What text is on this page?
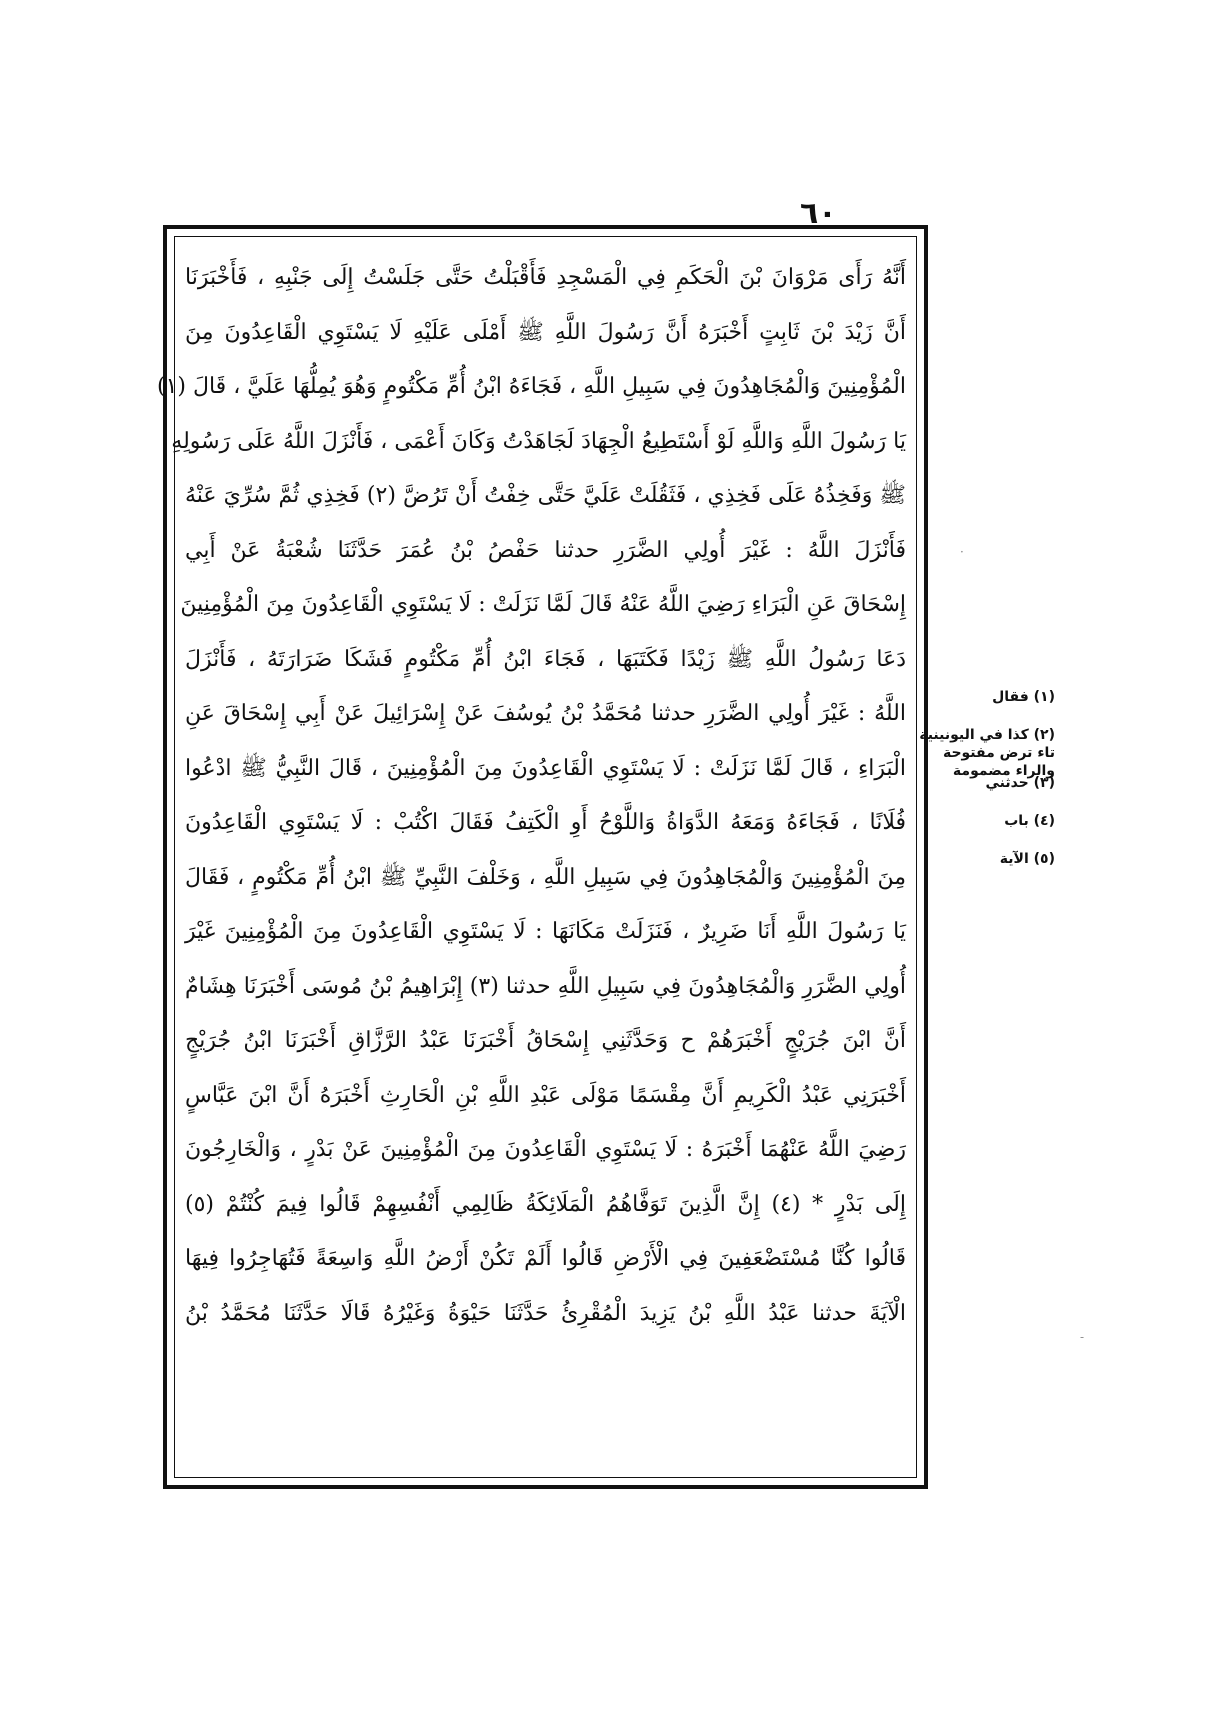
٦٠
أَنَّهُ رَأَى مَرْوَانَ بْنَ الْحَكَمِ فِي الْمَسْجِدِ فَأَقْبَلْتُ حَتَّى جَلَسْتُ إِلَى جَنْبِهِ ، فَأَخْبَرَنَا
أَنَّ زَيْدَ بْنَ ثَابِتٍ أَخْبَرَهُ أَنَّ رَسُولَ اللَّهِ ﷺ أَمْلَى عَلَيْهِ لَا يَسْتَوِي الْقَاعِدُونَ مِنَ
الْمُؤْمِنِينَ وَالْمُجَاهِدُونَ فِي سَبِيلِ اللَّهِ ، فَجَاءَهُ ابْنُ أُمِّ مَكْتُومٍ وَهُوَ يُمِلُّهَا عَلَيَّ ، قَالَ (١)
يَا رَسُولَ اللَّهِ وَاللَّهِ لَوْ أَسْتَطِيعُ الْجِهَادَ لَجَاهَدْتُ وَكَانَ أَعْمَى ، فَأَنْزَلَ اللَّهُ عَلَى رَسُولِهِ
ﷺ وَفَخِذُهُ عَلَى فَخِذِي ، فَثَقُلَتْ عَلَيَّ حَتَّى خِفْتُ أَنْ تَرُضَّ (٢) فَخِذِي ثُمَّ سُرِّيَ عَنْهُ
فَأَنْزَلَ اللَّهُ : غَيْرَ أُولِي الضَّرَرِ حدثنا حَفْصُ بْنُ عُمَرَ حَدَّثَنَا شُعْبَةُ عَنْ أَبِي
إِسْحَاقَ عَنِ الْبَرَاءِ رَضِيَ اللَّهُ عَنْهُ قَالَ لَمَّا نَزَلَتْ : لَا يَسْتَوِي الْقَاعِدُونَ مِنَ الْمُؤْمِنِينَ
دَعَا رَسُولُ اللَّهِ ﷺ زَيْدًا فَكَتَبَهَا ، فَجَاءَ ابْنُ أُمِّ مَكْتُومٍ فَشَكَا ضَرَارَتَهُ ، فَأَنْزَلَ
اللَّهُ : غَيْرَ أُولِي الضَّرَرِ حدثنا مُحَمَّدُ بْنُ يُوسُفَ عَنْ إِسْرَائِيلَ عَنْ أَبِي إِسْحَاقَ عَنِ
الْبَرَاءِ ، قَالَ لَمَّا نَزَلَتْ : لَا يَسْتَوِي الْقَاعِدُونَ مِنَ الْمُؤْمِنِينَ ، قَالَ النَّبِيُّ ﷺ ادْعُوا
فُلَانًا ، فَجَاءَهُ وَمَعَهُ الدَّوَاةُ وَاللَّوْحُ أَوِ الْكَتِفُ فَقَالَ اكْتُبْ : لَا يَسْتَوِي الْقَاعِدُونَ
مِنَ الْمُؤْمِنِينَ وَالْمُجَاهِدُونَ فِي سَبِيلِ اللَّهِ ، وَخَلْفَ النَّبِيِّ ﷺ ابْنُ أُمِّ مَكْتُومٍ ، فَقَالَ
يَا رَسُولَ اللَّهِ أَنَا ضَرِيرٌ ، فَنَزَلَتْ مَكَانَهَا : لَا يَسْتَوِي الْقَاعِدُونَ مِنَ الْمُؤْمِنِينَ غَيْرَ
أُولِي الضَّرَرِ وَالْمُجَاهِدُونَ فِي سَبِيلِ اللَّهِ حدثنا (٣) إِبْرَاهِيمُ بْنُ مُوسَى أَخْبَرَنَا هِشَامٌ
أَنَّ ابْنَ جُرَيْجٍ أَخْبَرَهُمْ ح وَحَدَّثَنِي إِسْحَاقُ أَخْبَرَنَا عَبْدُ الرَّزَّاقِ أَخْبَرَنَا ابْنُ جُرَيْجٍ
أَخْبَرَنِي عَبْدُ الْكَرِيمِ أَنَّ مِقْسَمًا مَوْلَى عَبْدِ اللَّهِ بْنِ الْحَارِثِ أَخْبَرَهُ أَنَّ ابْنَ عَبَّاسٍ
رَضِيَ اللَّهُ عَنْهُمَا أَخْبَرَهُ : لَا يَسْتَوِي الْقَاعِدُونَ مِنَ الْمُؤْمِنِينَ عَنْ بَدْرٍ ، وَالْخَارِجُونَ
إِلَى بَدْرٍ * (٤) إِنَّ الَّذِينَ تَوَفَّاهُمُ الْمَلَائِكَةُ ظَالِمِي أَنْفُسِهِمْ قَالُوا فِيمَ كُنْتُمْ (٥)
قَالُوا كُنَّا مُسْتَضْعَفِينَ فِي الْأَرْضِ قَالُوا أَلَمْ تَكُنْ أَرْضُ اللَّهِ وَاسِعَةً فَتُهَاجِرُوا فِيهَا
الْآيَةَ حدثنا عَبْدُ اللَّهِ بْنُ يَزِيدَ الْمُقْرِئُ حَدَّثَنَا حَيْوَةُ وَغَيْرُهُ قَالَا حَدَّثَنَا مُحَمَّدُ بْنُ
(١) فقال
(٢) كذا في اليونينية تاء ترض مفتوحة والراء مضمومة
(٣) حدثني
(٤) باب
(٥) الآية
·
-
